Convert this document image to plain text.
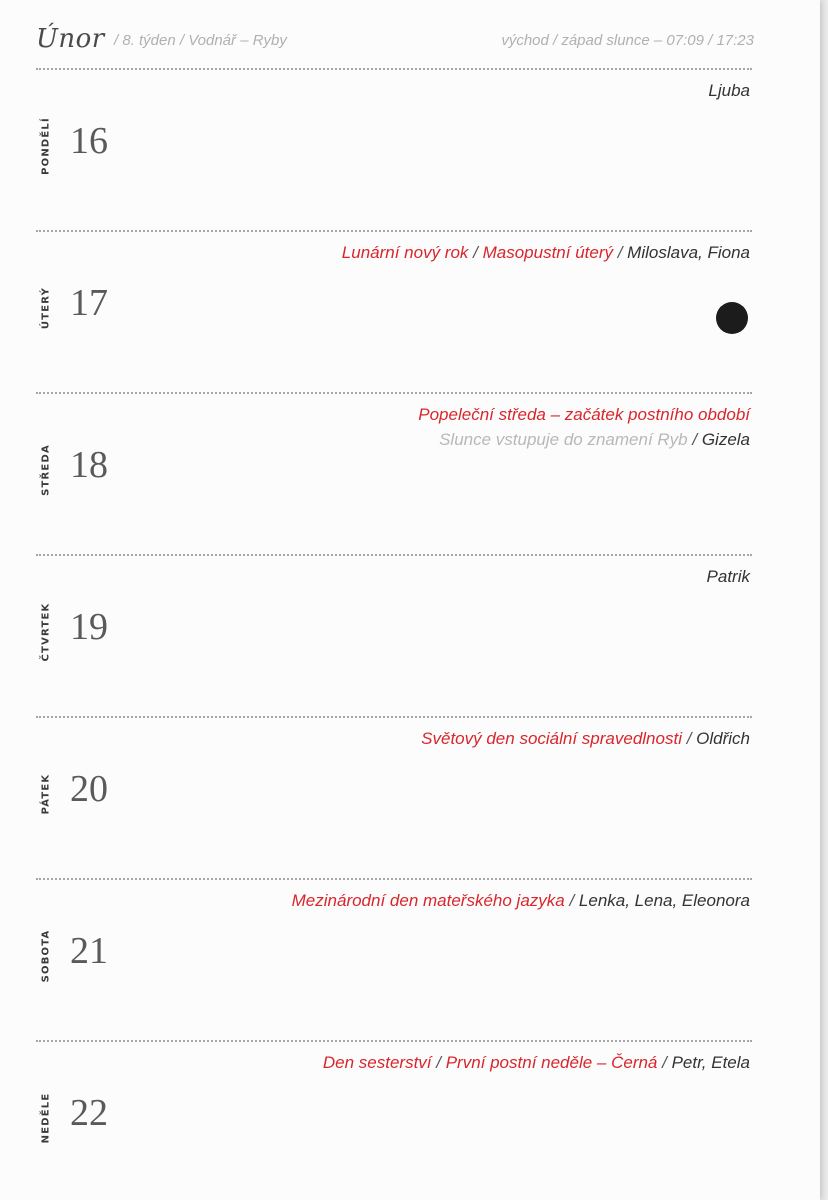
Únor / 8. týden / Vodnář – Ryby	východ / západ slunce – 07:09 / 17:23
PONDĚLÍ 16
Ljuba
ÚTERÝ 17
Lunární nový rok / Masopustní úterý / Miloslava, Fiona
STŘEDA 18
Popeleční středa – začátek postního období
Slunce vstupuje do znamení Ryb / Gizela
ČTVRTEK 19
Patrik
PÁTEK 20
Světový den sociální spravedlnosti / Oldřich
SOBOTA 21
Mezinárodní den mateřského jazyka / Lenka, Lena, Eleonora
NEDĚLE 22
Den sesterství / První postní neděle – Černá / Petr, Etela
